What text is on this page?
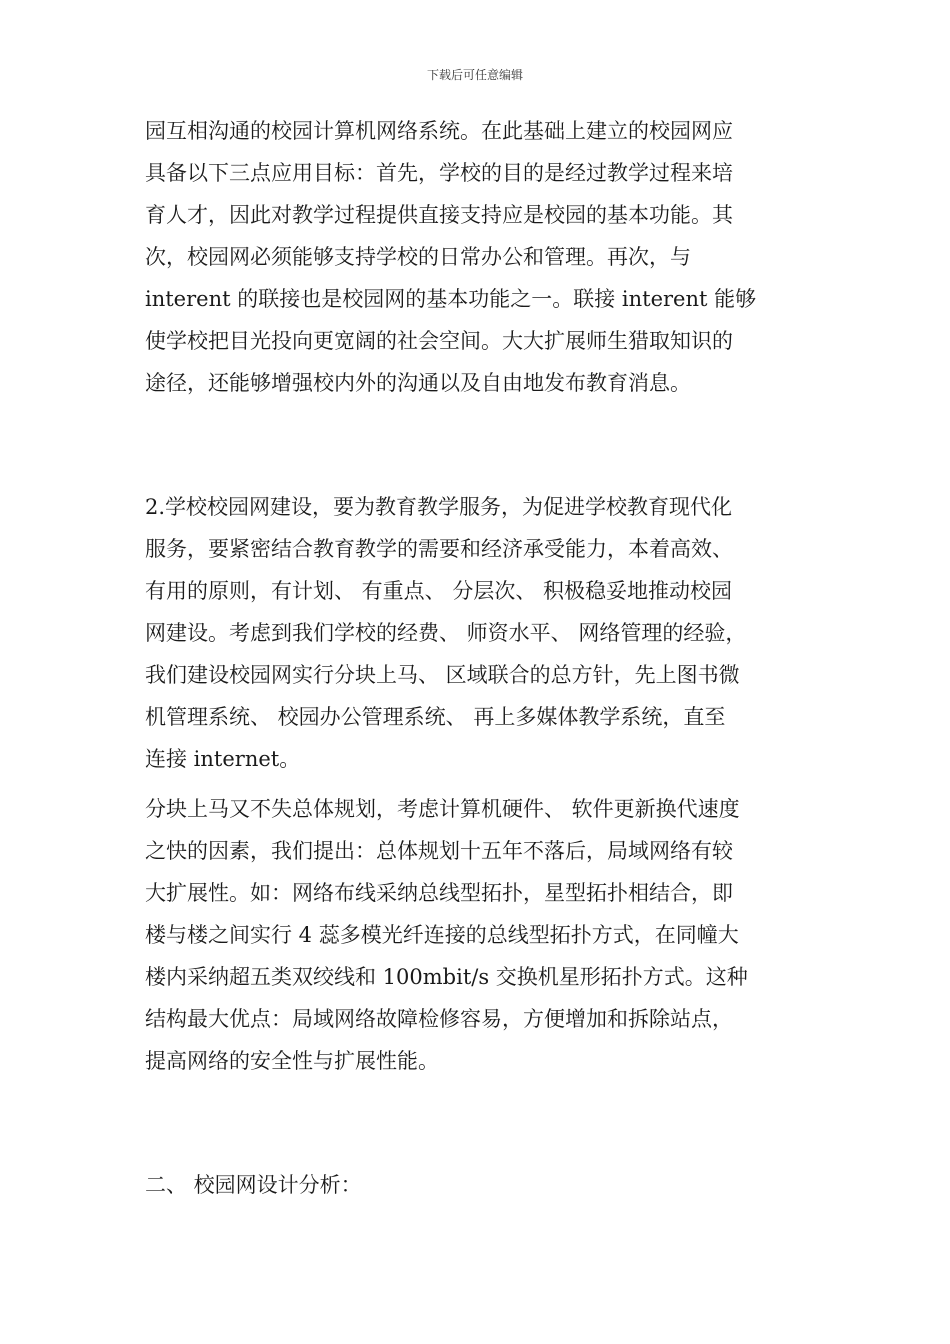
下载后可任意编辑
园互相沟通的校园计算机网络系统。在此基础上建立的校园网应
具备以下三点应用目标：首先，学校的目的是经过教学过程来培
育人才，因此对教学过程提供直接支持应是校园的基本功能。其
次，校园网必须能够支持学校的日常办公和管理。再次，与
interent 的联接也是校园网的基本功能之一。联接 interent 能够
使学校把目光投向更宽阔的社会空间。大大扩展师生猎取知识的
途径，还能够增强校内外的沟通以及自由地发布教育消息。
2.学校校园网建设，要为教育教学服务，为促进学校教育现代化
服务，要紧密结合教育教学的需要和经济承受能力，本着高效、
有用的原则，有计划、 有重点、 分层次、 积极稳妥地推动校园
网建设。考虑到我们学校的经费、 师资水平、 网络管理的经验，
我们建设校园网实行分块上马、 区域联合的总方针，先上图书微
机管理系统、 校园办公管理系统、 再上多媒体教学系统，直至
连接 internet。
分块上马又不失总体规划，考虑计算机硬件、 软件更新换代速度
之快的因素，我们提出：总体规划十五年不落后，局域网络有较
大扩展性。如：网络布线采纳总线型拓扑，星型拓扑相结合，即
楼与楼之间实行 4 蕊多模光纤连接的总线型拓扑方式，在同幢大
楼内采纳超五类双绞线和 100mbit/s 交换机星形拓扑方式。这种
结构最大优点：局域网络故障检修容易，方便增加和拆除站点，
提高网络的安全性与扩展性能。
二、 校园网设计分析：
